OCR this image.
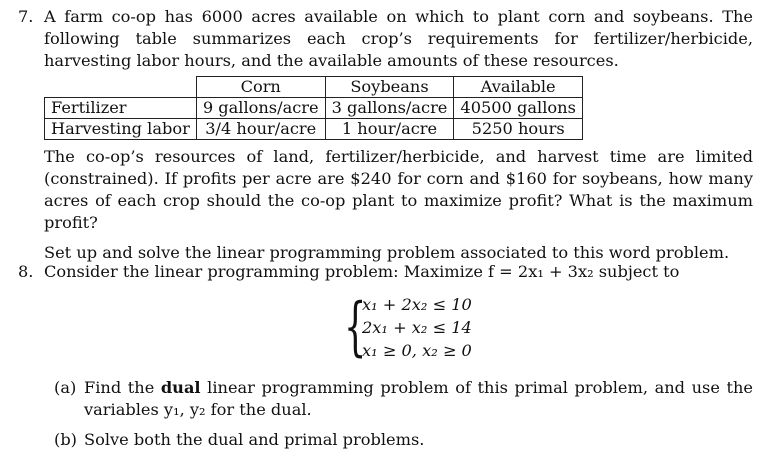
7. A farm co-op has 6000 acres available on which to plant corn and soybeans. The following table summarizes each crop’s requirements for fertilizer/herbicide, harvesting labor hours, and the available amounts of these resources.
	Corn	Soybeans	Available
Fertilizer	9 gallons/acre	3 gallons/acre	40500 gallons
Harvesting labor	3/4 hour/acre	1 hour/acre	5250 hours
The co-op’s resources of land, fertilizer/herbicide, and harvest time are limited (constrained). If profits per acre are $240 for corn and $160 for soybeans, how many acres of each crop should the co-op plant to maximize profit? What is the maximum profit?
Set up and solve the linear programming problem associated to this word problem.
8. Consider the linear programming problem: Maximize f = 2x₁ + 3x₂ subject to
{
x₁ + 2x₂ ≤ 10
2x₁ + x₂ ≤ 14
x₁ ≥ 0, x₂ ≥ 0
(a) Find the dual linear programming problem of this primal problem, and use the variables y₁, y₂ for the dual.
(b) Solve both the dual and primal problems.
